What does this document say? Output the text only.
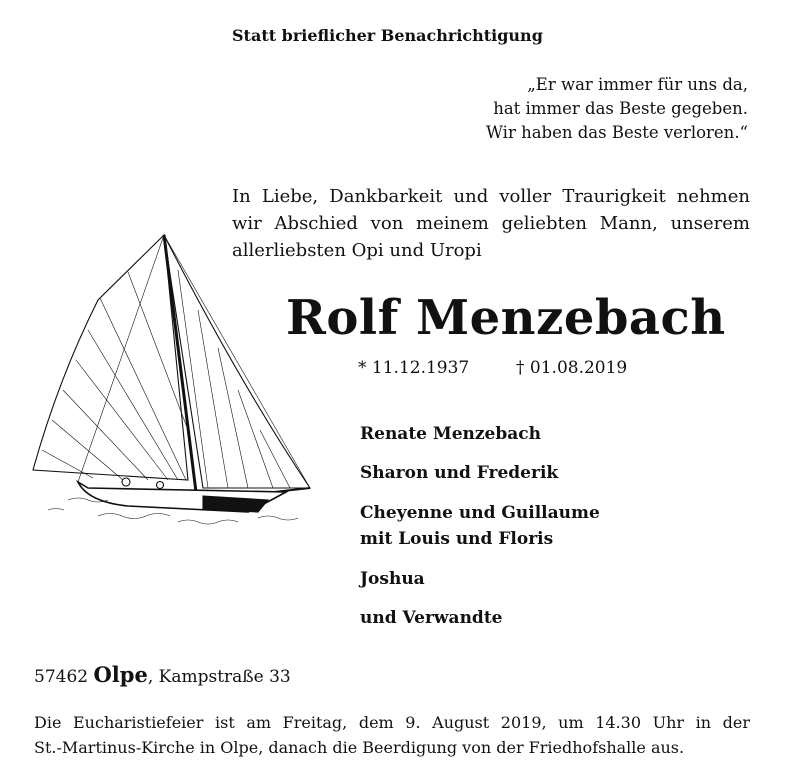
Statt brieflicher Benachrichtigung
„Er war immer für uns da,
hat immer das Beste gegeben.
Wir haben das Beste verloren.“
In Liebe, Dankbarkeit und voller Traurigkeit nehmen
wir Abschied von meinem geliebten Mann, unserem
allerliebsten Opi und Uropi
Rolf Menzebach
* 11.12.1937	† 01.08.2019
Renate Menzebach
Sharon und Frederik
Cheyenne und Guillaume
mit Louis und Floris
Joshua
und Verwandte
57462 Olpe, Kampstraße 33
Die Eucharistiefeier ist am Freitag, dem 9. August 2019, um 14.30 Uhr in der
St.-Martinus-Kirche in Olpe, danach die Beerdigung von der Friedhofshalle aus.
